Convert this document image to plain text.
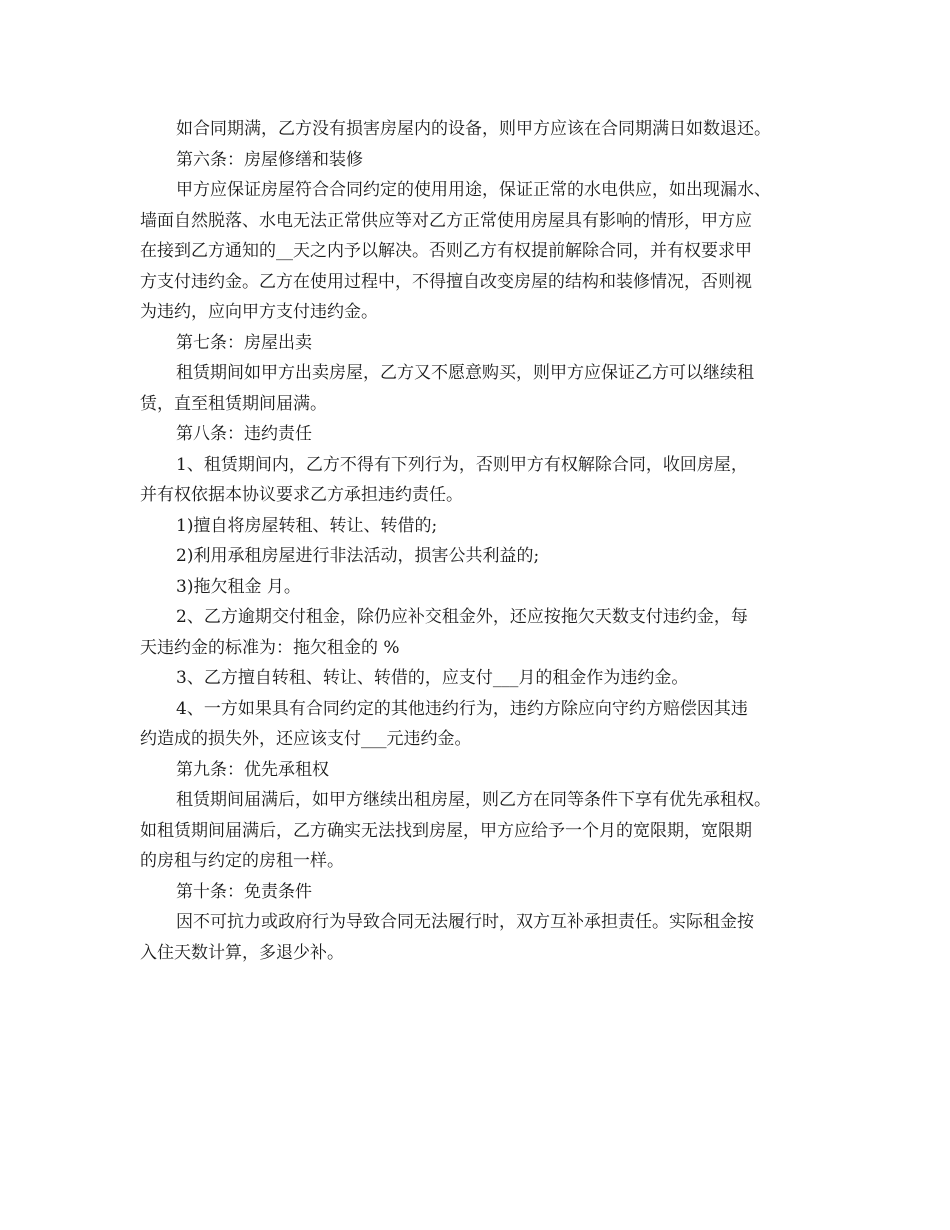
如合同期满，乙方没有损害房屋内的设备，则甲方应该在合同期满日如数退还。
第六条：房屋修缮和装修
甲方应保证房屋符合合同约定的使用用途，保证正常的水电供应，如出现漏水、
墙面自然脱落、水电无法正常供应等对乙方正常使用房屋具有影响的情形，甲方应
在接到乙方通知的__天之内予以解决。否则乙方有权提前解除合同，并有权要求甲
方支付违约金。乙方在使用过程中，不得擅自改变房屋的结构和装修情况，否则视
为违约，应向甲方支付违约金。
第七条：房屋出卖
租赁期间如甲方出卖房屋，乙方又不愿意购买，则甲方应保证乙方可以继续租
赁，直至租赁期间届满。
第八条：违约责任
1、租赁期间内，乙方不得有下列行为，否则甲方有权解除合同，收回房屋，
并有权依据本协议要求乙方承担违约责任。
1)擅自将房屋转租、转让、转借的;
2)利用承租房屋进行非法活动，损害公共利益的;
3)拖欠租金 月。
2、乙方逾期交付租金，除仍应补交租金外，还应按拖欠天数支付违约金，每
天违约金的标准为：拖欠租金的 %
3、乙方擅自转租、转让、转借的，应支付___月的租金作为违约金。
4、一方如果具有合同约定的其他违约行为，违约方除应向守约方赔偿因其违
约造成的损失外，还应该支付___元违约金。
第九条：优先承租权
租赁期间届满后，如甲方继续出租房屋，则乙方在同等条件下享有优先承租权。
如租赁期间届满后，乙方确实无法找到房屋，甲方应给予一个月的宽限期，宽限期
的房租与约定的房租一样。
第十条：免责条件
因不可抗力或政府行为导致合同无法履行时，双方互补承担责任。实际租金按
入住天数计算，多退少补。
